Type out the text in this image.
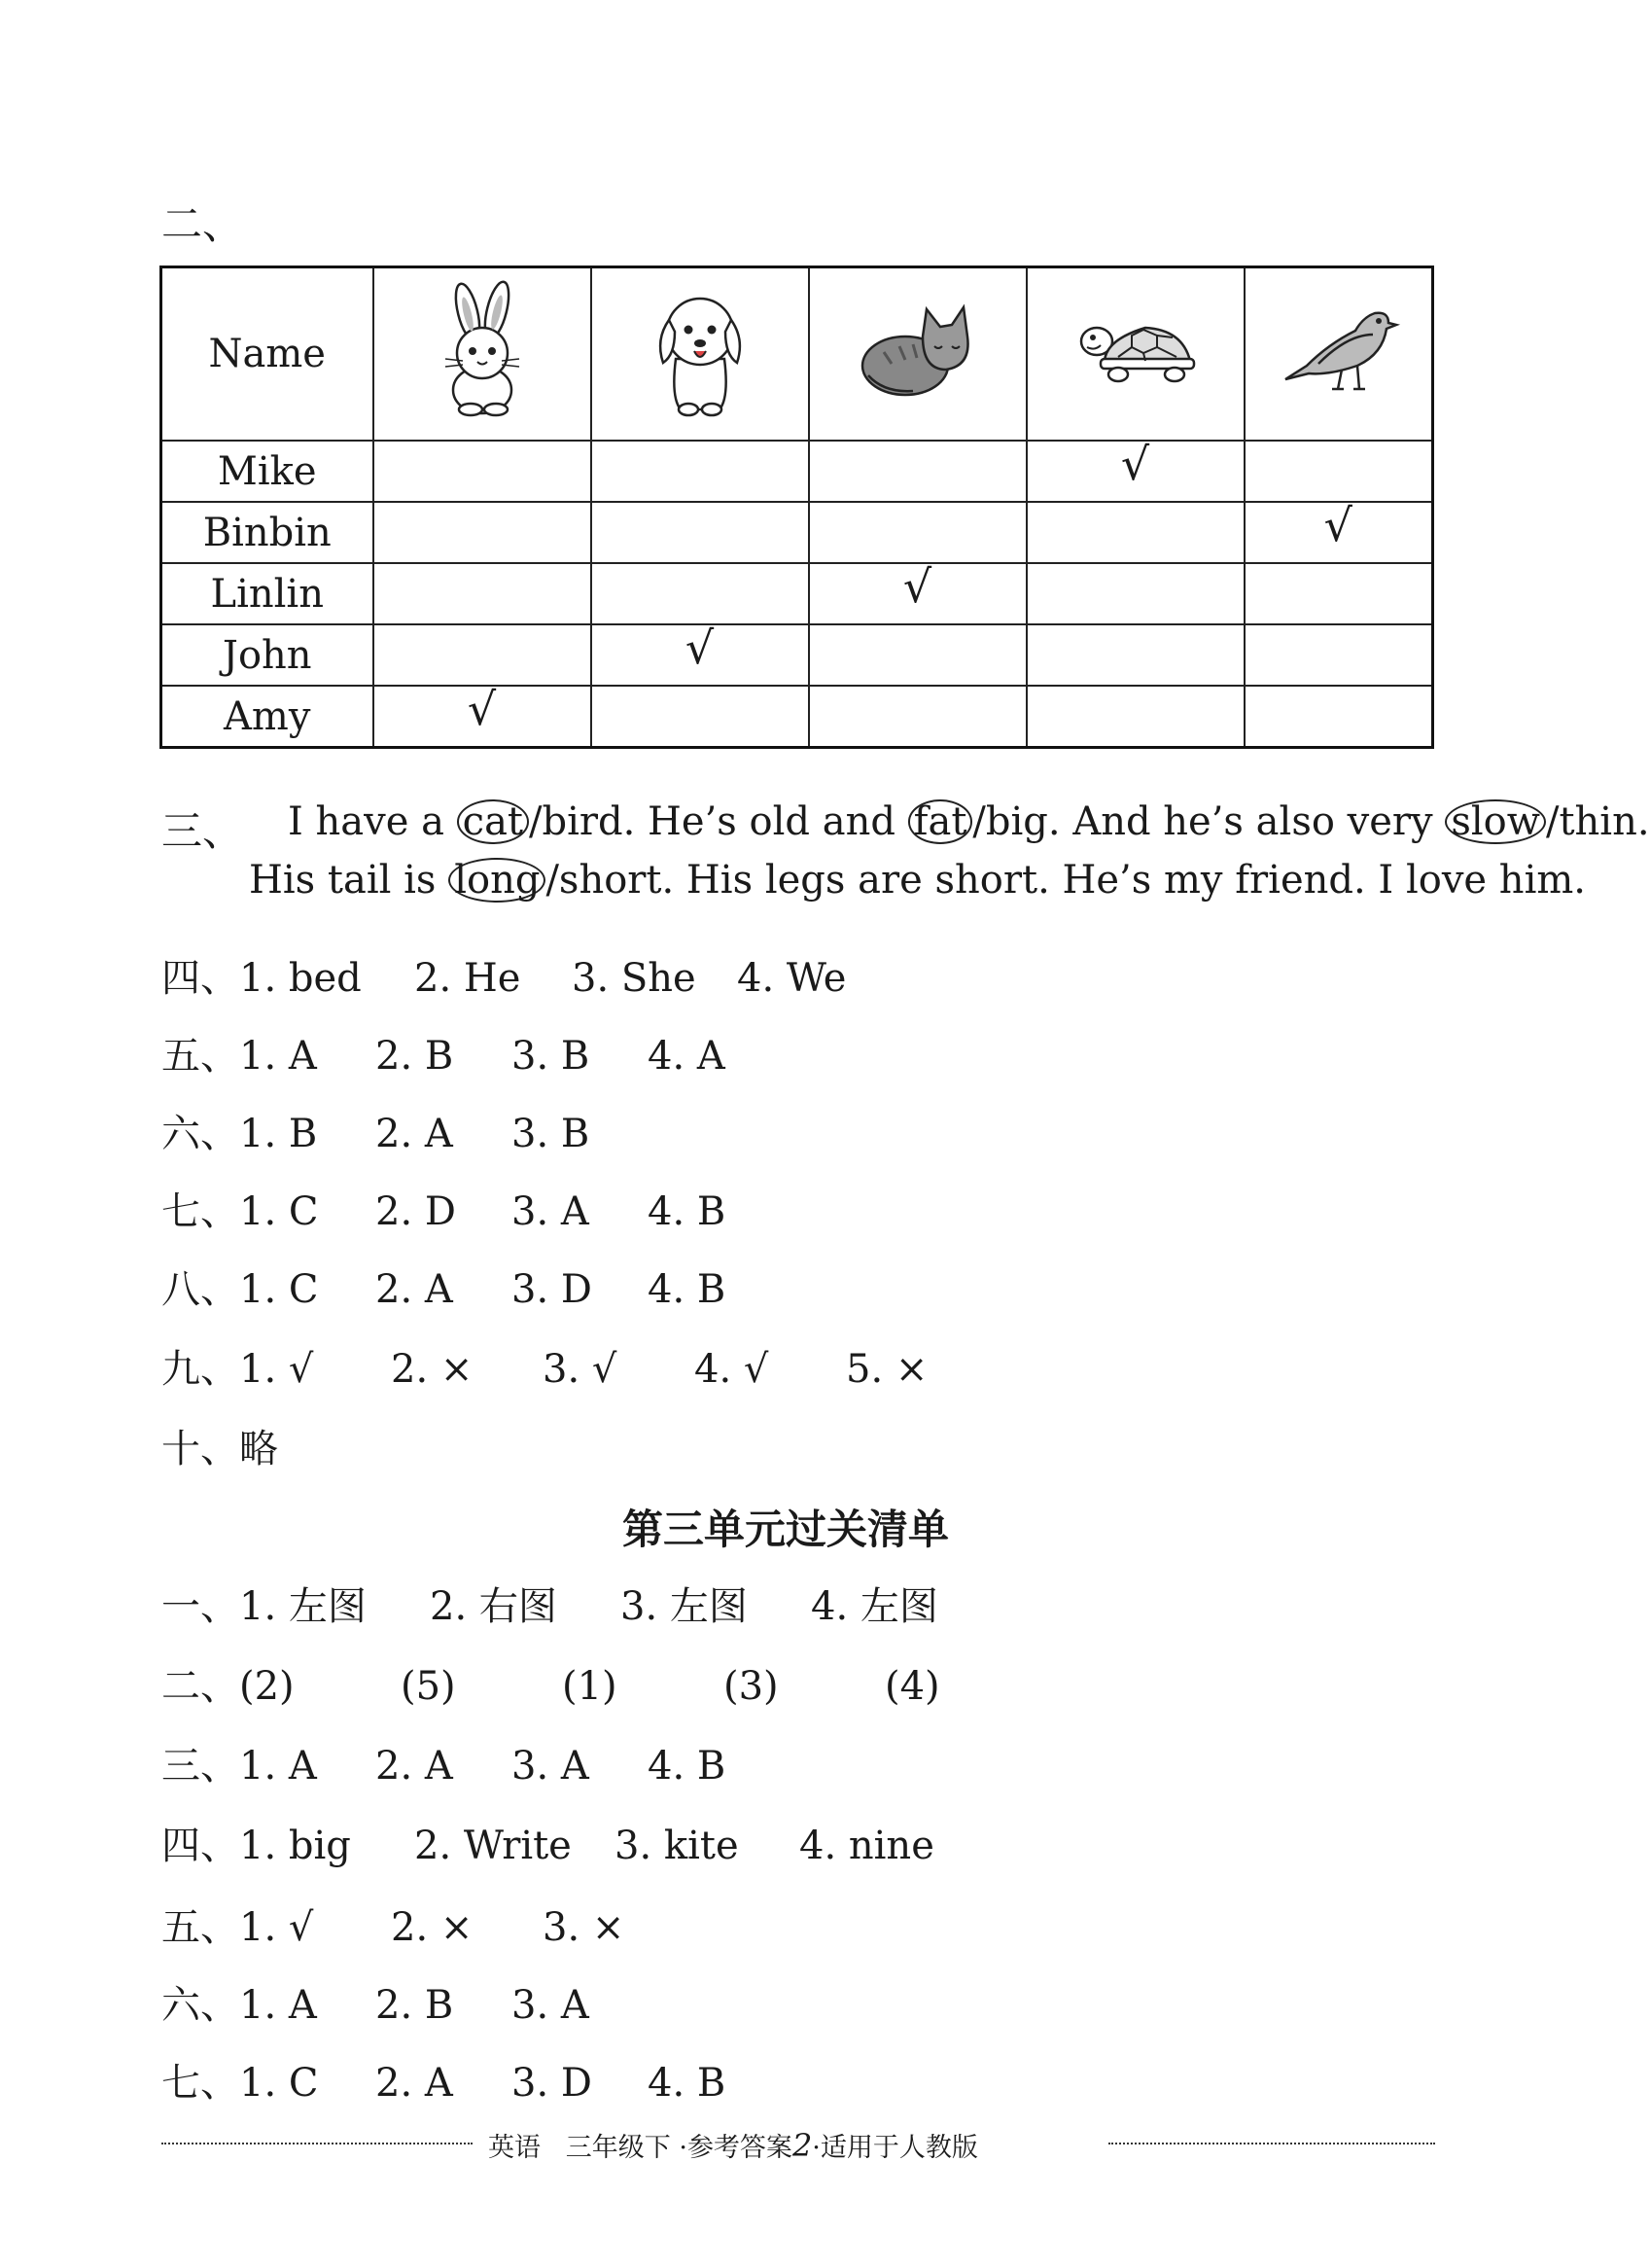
二、
Name					
Mike				√	
Binbin					√
Linlin			√		
John		√			
Amy	√				
三、 I have a cat /bird. He’s old and fat /big. And he’s also very slow /thin.
His tail is long /short. His legs are short. He’s my friend. I love him.
四、1. bed 2. He 3. She 4. We
五、1. A 2. B 3. B 4. A
六、1. B 2. A 3. B
七、1. C 2. D 3. A 4. B
八、1. C 2. A 3. D 4. B
九、1. √ 2. × 3. √ 4. √ 5. ×
十、略
第三单元过关清单
一、1. 左图 2. 右图 3. 左图 4. 左图
二、(2)	(5)	(1)	(3)	(4)
三、1. A 2. A 3. A 4. B
四、1. big 2. Write 3. kite 4. nine
五、1. √ 2. × 3. ×
六、1. A 2. B 3. A
七、1. C 2. A 3. D 4. B
英语 三年级下 ·参考答案2·适用于人教版
